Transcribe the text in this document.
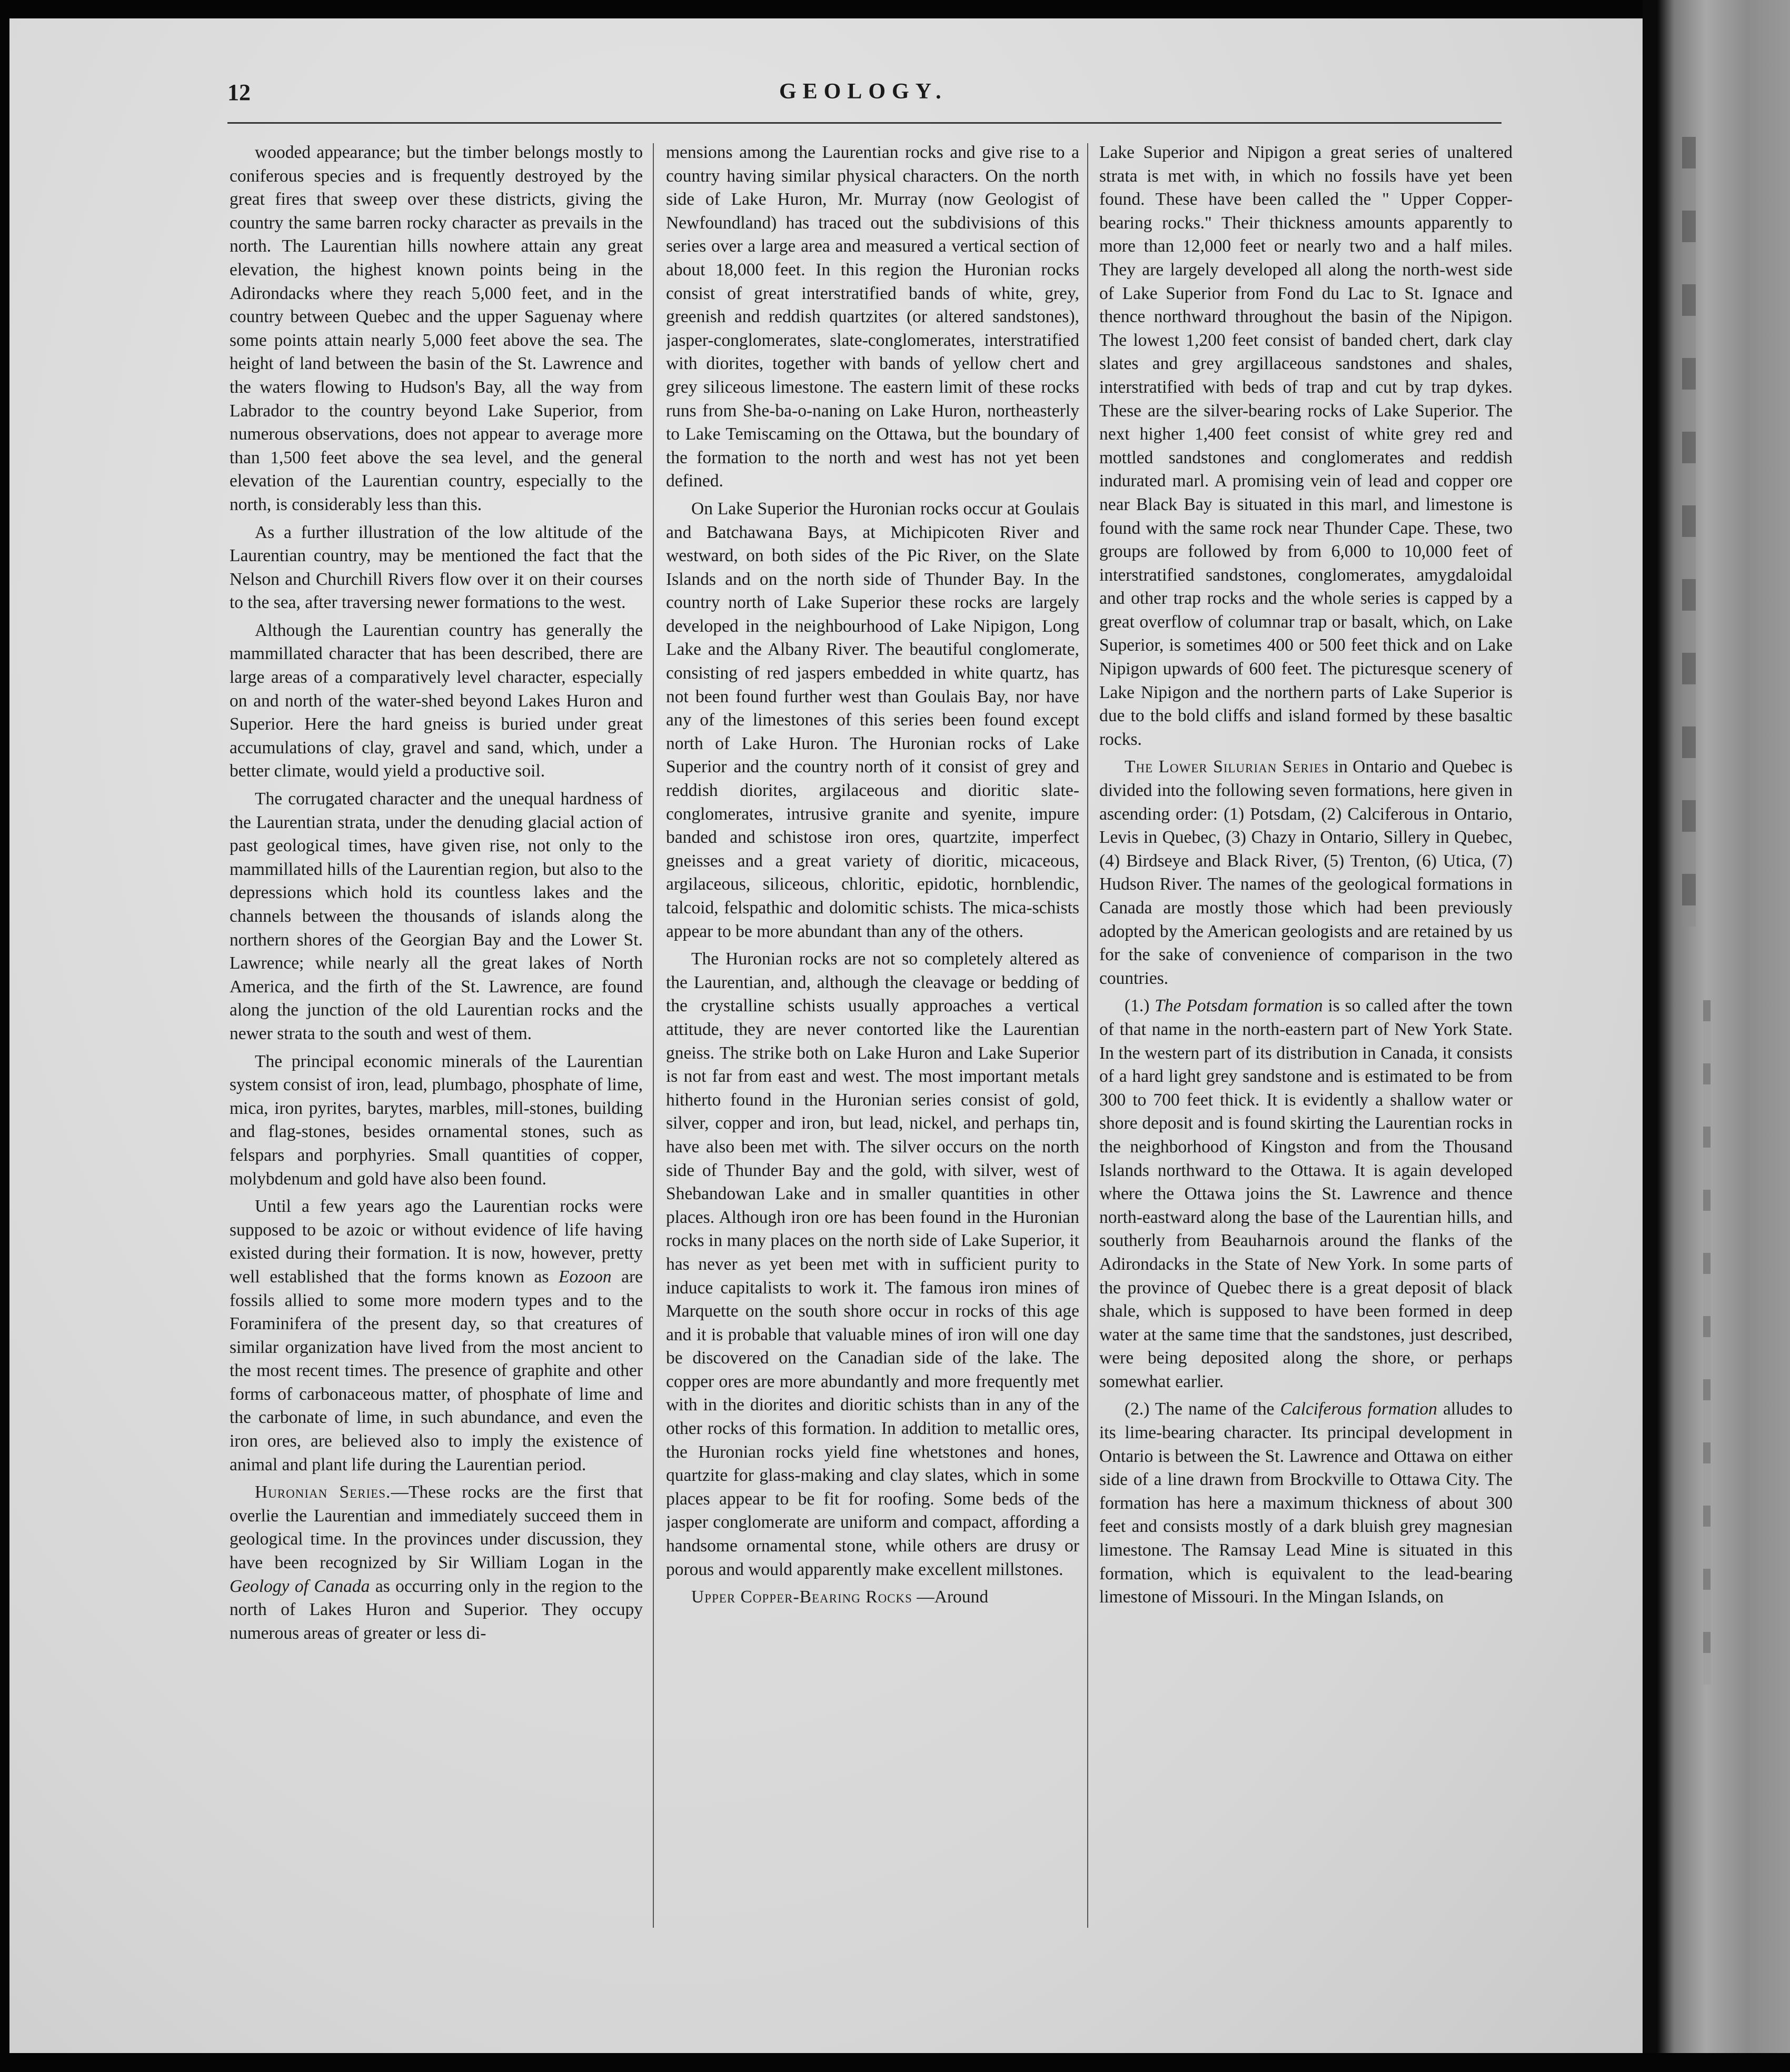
12	GEOLOGY.

wooded appearance; but the timber belongs mostly to coniferous species and is frequently destroyed by the great fires that sweep over these districts, giving the country the same barren rocky character as prevails in the north. The Laurentian hills nowhere attain any great elevation, the highest known points being in the Adirondacks where they reach 5,000 feet, and in the country between Quebec and the upper Saguenay where some points attain nearly 5,000 feet above the sea. The height of land between the basin of the St. Lawrence and the waters flowing to Hudson's Bay, all the way from Labrador to the country beyond Lake Superior, from numerous observations, does not appear to average more than 1,500 feet above the sea level, and the general elevation of the Laurentian country, especially to the north, is considerably less than this.

As a further illustration of the low altitude of the Laurentian country, may be mentioned the fact that the Nelson and Churchill Rivers flow over it on their courses to the sea, after traversing newer formations to the west.

Although the Laurentian country has generally the mammillated character that has been described, there are large areas of a comparatively level character, especially on and north of the water-shed beyond Lakes Huron and Superior. Here the hard gneiss is buried under great accumulations of clay, gravel and sand, which, under a better climate, would yield a productive soil.

The corrugated character and the unequal hardness of the Laurentian strata, under the denuding glacial action of past geological times, have given rise, not only to the mammillated hills of the Laurentian region, but also to the depressions which hold its countless lakes and the channels between the thousands of islands along the northern shores of the Georgian Bay and the Lower St. Lawrence; while nearly all the great lakes of North America, and the firth of the St. Lawrence, are found along the junction of the old Laurentian rocks and the newer strata to the south and west of them.

The principal economic minerals of the Laurentian system consist of iron, lead, plumbago, phosphate of lime, mica, iron pyrites, barytes, marbles, mill-stones, building and flag-stones, besides ornamental stones, such as felspars and porphyries. Small quantities of copper, molybdenum and gold have also been found.

Until a few years ago the Laurentian rocks were supposed to be azoic or without evidence of life having existed during their formation. It is now, however, pretty well established that the forms known as Eozoon are fossils allied to some more modern types and to the Foraminifera of the present day, so that creatures of similar organization have lived from the most ancient to the most recent times. The presence of graphite and other forms of carbonaceous matter, of phosphate of lime and the carbonate of lime, in such abundance, and even the iron ores, are believed also to imply the existence of animal and plant life during the Laurentian period.

Huronian Series.—These rocks are the first that overlie the Laurentian and immediately succeed them in geological time. In the provinces under discussion, they have been recognized by Sir William Logan in the Geology of Canada as occurring only in the region to the north of Lakes Huron and Superior. They occupy numerous areas of greater or less di-

mensions among the Laurentian rocks and give rise to a country having similar physical characters. On the north side of Lake Huron, Mr. Murray (now Geologist of Newfoundland) has traced out the subdivisions of this series over a large area and measured a vertical section of about 18,000 feet. In this region the Huronian rocks consist of great interstratified bands of white, grey, greenish and reddish quartzites (or altered sandstones), jasper-conglomerates, slate-conglomerates, interstratified with diorites, together with bands of yellow chert and grey siliceous limestone. The eastern limit of these rocks runs from She-ba-o-naning on Lake Huron, northeasterly to Lake Temiscaming on the Ottawa, but the boundary of the formation to the north and west has not yet been defined.

On Lake Superior the Huronian rocks occur at Goulais and Batchawana Bays, at Michipicoten River and westward, on both sides of the Pic River, on the Slate Islands and on the north side of Thunder Bay. In the country north of Lake Superior these rocks are largely developed in the neighbourhood of Lake Nipigon, Long Lake and the Albany River. The beautiful conglomerate, consisting of red jaspers embedded in white quartz, has not been found further west than Goulais Bay, nor have any of the limestones of this series been found except north of Lake Huron. The Huronian rocks of Lake Superior and the country north of it consist of grey and reddish diorites, argilaceous and dioritic slate-conglomerates, intrusive granite and syenite, impure banded and schistose iron ores, quartzite, imperfect gneisses and a great variety of dioritic, micaceous, argilaceous, siliceous, chloritic, epidotic, hornblendic, talcoid, felspathic and dolomitic schists. The mica-schists appear to be more abundant than any of the others.

The Huronian rocks are not so completely altered as the Laurentian, and, although the cleavage or bedding of the crystalline schists usually approaches a vertical attitude, they are never contorted like the Laurentian gneiss. The strike both on Lake Huron and Lake Superior is not far from east and west. The most important metals hitherto found in the Huronian series consist of gold, silver, copper and iron, but lead, nickel, and perhaps tin, have also been met with. The silver occurs on the north side of Thunder Bay and the gold, with silver, west of Shebandowan Lake and in smaller quantities in other places. Although iron ore has been found in the Huronian rocks in many places on the north side of Lake Superior, it has never as yet been met with in sufficient purity to induce capitalists to work it. The famous iron mines of Marquette on the south shore occur in rocks of this age and it is probable that valuable mines of iron will one day be discovered on the Canadian side of the lake. The copper ores are more abundantly and more frequently met with in the diorites and dioritic schists than in any of the other rocks of this formation. In addition to metallic ores, the Huronian rocks yield fine whetstones and hones, quartzite for glass-making and clay slates, which in some places appear to be fit for roofing. Some beds of the jasper conglomerate are uniform and compact, affording a handsome ornamental stone, while others are drusy or porous and would apparently make excellent millstones.

Upper Copper-Bearing Rocks —Around

Lake Superior and Nipigon a great series of unaltered strata is met with, in which no fossils have yet been found. These have been called the " Upper Copper-bearing rocks." Their thickness amounts apparently to more than 12,000 feet or nearly two and a half miles. They are largely developed all along the north-west side of Lake Superior from Fond du Lac to St. Ignace and thence northward throughout the basin of the Nipigon. The lowest 1,200 feet consist of banded chert, dark clay slates and grey argillaceous sandstones and shales, interstratified with beds of trap and cut by trap dykes. These are the silver-bearing rocks of Lake Superior. The next higher 1,400 feet consist of white grey red and mottled sandstones and conglomerates and reddish indurated marl. A promising vein of lead and copper ore near Black Bay is situated in this marl, and limestone is found with the same rock near Thunder Cape. These, two groups are followed by from 6,000 to 10,000 feet of interstratified sandstones, conglomerates, amygdaloidal and other trap rocks and the whole series is capped by a great overflow of columnar trap or basalt, which, on Lake Superior, is sometimes 400 or 500 feet thick and on Lake Nipigon upwards of 600 feet. The picturesque scenery of Lake Nipigon and the northern parts of Lake Superior is due to the bold cliffs and island formed by these basaltic rocks.

The Lower Silurian Series in Ontario and Quebec is divided into the following seven formations, here given in ascending order: (1) Potsdam, (2) Calciferous in Ontario, Levis in Quebec, (3) Chazy in Ontario, Sillery in Quebec, (4) Birdseye and Black River, (5) Trenton, (6) Utica, (7) Hudson River. The names of the geological formations in Canada are mostly those which had been previously adopted by the American geologists and are retained by us for the sake of convenience of comparison in the two countries.

(1.) The Potsdam formation is so called after the town of that name in the north-eastern part of New York State. In the western part of its distribution in Canada, it consists of a hard light grey sandstone and is estimated to be from 300 to 700 feet thick. It is evidently a shallow water or shore deposit and is found skirting the Laurentian rocks in the neighborhood of Kingston and from the Thousand Islands northward to the Ottawa. It is again developed where the Ottawa joins the St. Lawrence and thence north-eastward along the base of the Laurentian hills, and southerly from Beauharnois around the flanks of the Adirondacks in the State of New York. In some parts of the province of Quebec there is a great deposit of black shale, which is supposed to have been formed in deep water at the same time that the sandstones, just described, were being deposited along the shore, or perhaps somewhat earlier.

(2.) The name of the Calciferous formation alludes to its lime-bearing character. Its principal development in Ontario is between the St. Lawrence and Ottawa on either side of a line drawn from Brockville to Ottawa City. The formation has here a maximum thickness of about 300 feet and consists mostly of a dark bluish grey magnesian limestone. The Ramsay Lead Mine is situated in this formation, which is equivalent to the lead-bearing limestone of Missouri. In the Mingan Islands, on
